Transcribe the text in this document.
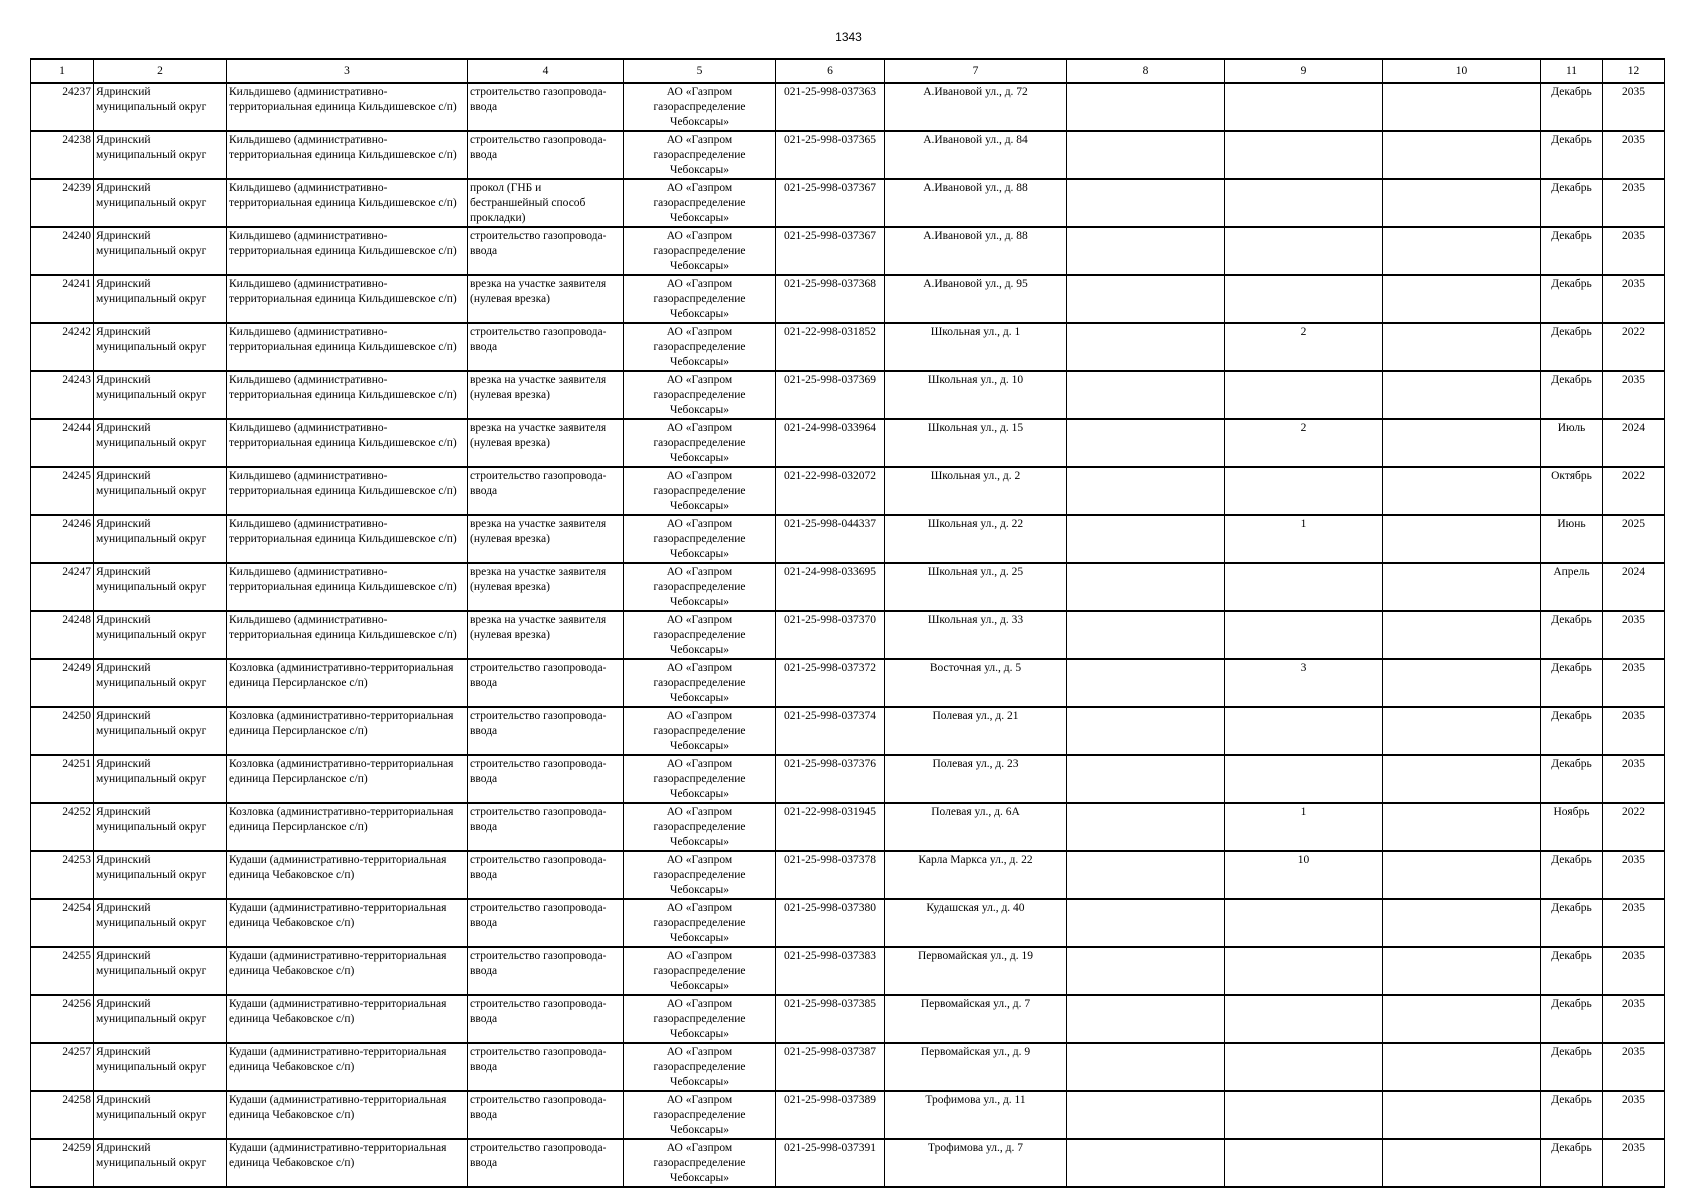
1343
1	2	3	4	5	6	7	8	9	10	11	12

24237	Ядринский муниципальный округ	Кильдишево (административно-территориальная единица Кильдишевское с/п)	строительство газопровода-ввода	АО «Газпром газораспределение Чебоксары»	021-25-998-037363	А.Ивановой ул., д. 72				Декабрь	2035

24238	Ядринский муниципальный округ	Кильдишево (административно-территориальная единица Кильдишевское с/п)	строительство газопровода-ввода	АО «Газпром газораспределение Чебоксары»	021-25-998-037365	А.Ивановой ул., д. 84				Декабрь	2035

24239	Ядринский муниципальный округ	Кильдишево (административно-территориальная единица Кильдишевское с/п)	прокол (ГНБ и бестраншейный способ прокладки)	АО «Газпром газораспределение Чебоксары»	021-25-998-037367	А.Ивановой ул., д. 88				Декабрь	2035

24240	Ядринский муниципальный округ	Кильдишево (административно-территориальная единица Кильдишевское с/п)	строительство газопровода-ввода	АО «Газпром газораспределение Чебоксары»	021-25-998-037367	А.Ивановой ул., д. 88				Декабрь	2035

24241	Ядринский муниципальный округ	Кильдишево (административно-территориальная единица Кильдишевское с/п)	врезка на участке заявителя (нулевая врезка)	АО «Газпром газораспределение Чебоксары»	021-25-998-037368	А.Ивановой ул., д. 95				Декабрь	2035

24242	Ядринский муниципальный округ	Кильдишево (административно-территориальная единица Кильдишевское с/п)	строительство газопровода-ввода	АО «Газпром газораспределение Чебоксары»	021-22-998-031852	Школьная ул., д. 1		2		Декабрь	2022

24243	Ядринский муниципальный округ	Кильдишево (административно-территориальная единица Кильдишевское с/п)	врезка на участке заявителя (нулевая врезка)	АО «Газпром газораспределение Чебоксары»	021-25-998-037369	Школьная ул., д. 10				Декабрь	2035

24244	Ядринский муниципальный округ	Кильдишево (административно-территориальная единица Кильдишевское с/п)	врезка на участке заявителя (нулевая врезка)	АО «Газпром газораспределение Чебоксары»	021-24-998-033964	Школьная ул., д. 15		2		Июль	2024

24245	Ядринский муниципальный округ	Кильдишево (административно-территориальная единица Кильдишевское с/п)	строительство газопровода-ввода	АО «Газпром газораспределение Чебоксары»	021-22-998-032072	Школьная ул., д. 2				Октябрь	2022

24246	Ядринский муниципальный округ	Кильдишево (административно-территориальная единица Кильдишевское с/п)	врезка на участке заявителя (нулевая врезка)	АО «Газпром газораспределение Чебоксары»	021-25-998-044337	Школьная ул., д. 22		1		Июнь	2025

24247	Ядринский муниципальный округ	Кильдишево (административно-территориальная единица Кильдишевское с/п)	врезка на участке заявителя (нулевая врезка)	АО «Газпром газораспределение Чебоксары»	021-24-998-033695	Школьная ул., д. 25				Апрель	2024

24248	Ядринский муниципальный округ	Кильдишево (административно-территориальная единица Кильдишевское с/п)	врезка на участке заявителя (нулевая врезка)	АО «Газпром газораспределение Чебоксары»	021-25-998-037370	Школьная ул., д. 33				Декабрь	2035

24249	Ядринский муниципальный округ	Козловка (административно-территориальная единица Персирланское с/п)	строительство газопровода-ввода	АО «Газпром газораспределение Чебоксары»	021-25-998-037372	Восточная ул., д. 5		3		Декабрь	2035

24250	Ядринский муниципальный округ	Козловка (административно-территориальная единица Персирланское с/п)	строительство газопровода-ввода	АО «Газпром газораспределение Чебоксары»	021-25-998-037374	Полевая ул., д. 21				Декабрь	2035

24251	Ядринский муниципальный округ	Козловка (административно-территориальная единица Персирланское с/п)	строительство газопровода-ввода	АО «Газпром газораспределение Чебоксары»	021-25-998-037376	Полевая ул., д. 23				Декабрь	2035

24252	Ядринский муниципальный округ	Козловка (административно-территориальная единица Персирланское с/п)	строительство газопровода-ввода	АО «Газпром газораспределение Чебоксары»	021-22-998-031945	Полевая ул., д. 6А		1		Ноябрь	2022

24253	Ядринский муниципальный округ	Кудаши (административно-территориальная единица Чебаковское с/п)	строительство газопровода-ввода	АО «Газпром газораспределение Чебоксары»	021-25-998-037378	Карла Маркса ул., д. 22		10		Декабрь	2035

24254	Ядринский муниципальный округ	Кудаши (административно-территориальная единица Чебаковское с/п)	строительство газопровода-ввода	АО «Газпром газораспределение Чебоксары»	021-25-998-037380	Кудашская ул., д. 40				Декабрь	2035

24255	Ядринский муниципальный округ	Кудаши (административно-территориальная единица Чебаковское с/п)	строительство газопровода-ввода	АО «Газпром газораспределение Чебоксары»	021-25-998-037383	Первомайская ул., д. 19				Декабрь	2035

24256	Ядринский муниципальный округ	Кудаши (административно-территориальная единица Чебаковское с/п)	строительство газопровода-ввода	АО «Газпром газораспределение Чебоксары»	021-25-998-037385	Первомайская ул., д. 7				Декабрь	2035

24257	Ядринский муниципальный округ	Кудаши (административно-территориальная единица Чебаковское с/п)	строительство газопровода-ввода	АО «Газпром газораспределение Чебоксары»	021-25-998-037387	Первомайская ул., д. 9				Декабрь	2035

24258	Ядринский муниципальный округ	Кудаши (административно-территориальная единица Чебаковское с/п)	строительство газопровода-ввода	АО «Газпром газораспределение Чебоксары»	021-25-998-037389	Трофимова ул., д. 11				Декабрь	2035

24259	Ядринский муниципальный округ	Кудаши (административно-территориальная единица Чебаковское с/п)	строительство газопровода-ввода	АО «Газпром газораспределение Чебоксары»	021-25-998-037391	Трофимова ул., д. 7				Декабрь	2035
